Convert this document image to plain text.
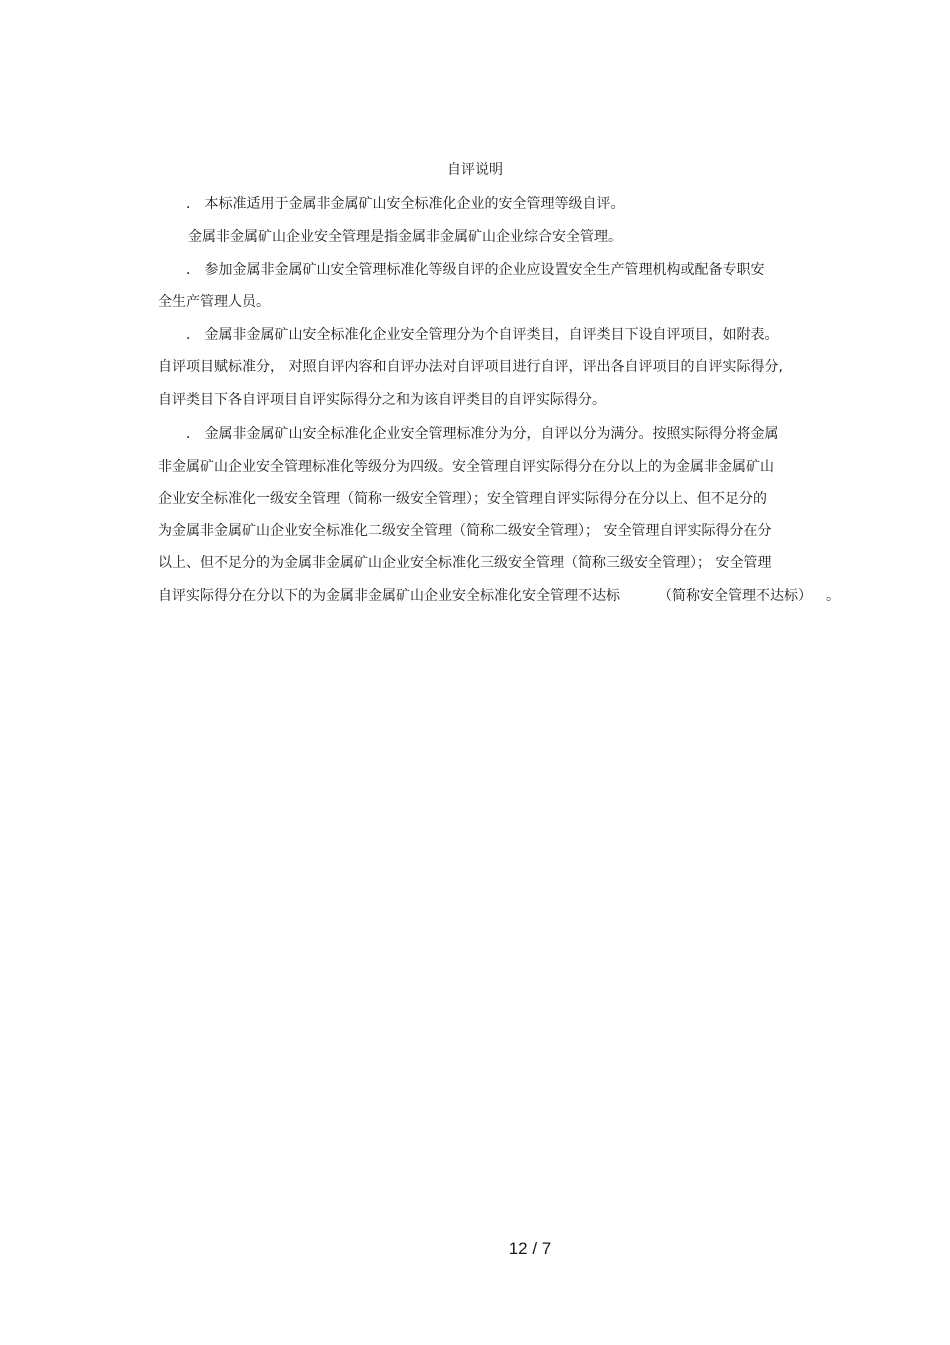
自评说明
． 本标准适用于金属非金属矿山安全标准化企业的安全管理等级自评。
金属非金属矿山企业安全管理是指金属非金属矿山企业综合安全管理。
． 参加金属非金属矿山安全管理标准化等级自评的企业应设置安全生产管理机构或配备专职安
全生产管理人员。
． 金属非金属矿山安全标准化企业安全管理分为个自评类目，自评类目下设自评项目，如附表。
自评项目赋标准分， 对照自评内容和自评办法对自评项目进行自评，评出各自评项目的自评实际得分,
自评类目下各自评项目自评实际得分之和为该自评类目的自评实际得分。
． 金属非金属矿山安全标准化企业安全管理标准分为分，自评以分为满分。按照实际得分将金属
非金属矿山企业安全管理标准化等级分为四级。安全管理自评实际得分在分以上的为金属非金属矿山
企业安全标准化一级安全管理（简称一级安全管理）；安全管理自评实际得分在分以上、但不足分的
为金属非金属矿山企业安全标准化二级安全管理（简称二级安全管理）； 安全管理自评实际得分在分
以上、但不足分的为金属非金属矿山企业安全标准化三级安全管理（简称三级安全管理）； 安全管理
自评实际得分在分以下的为金属非金属矿山企业安全标准化安全管理不达标	（简称安全管理不达标） 。
12 / 7
